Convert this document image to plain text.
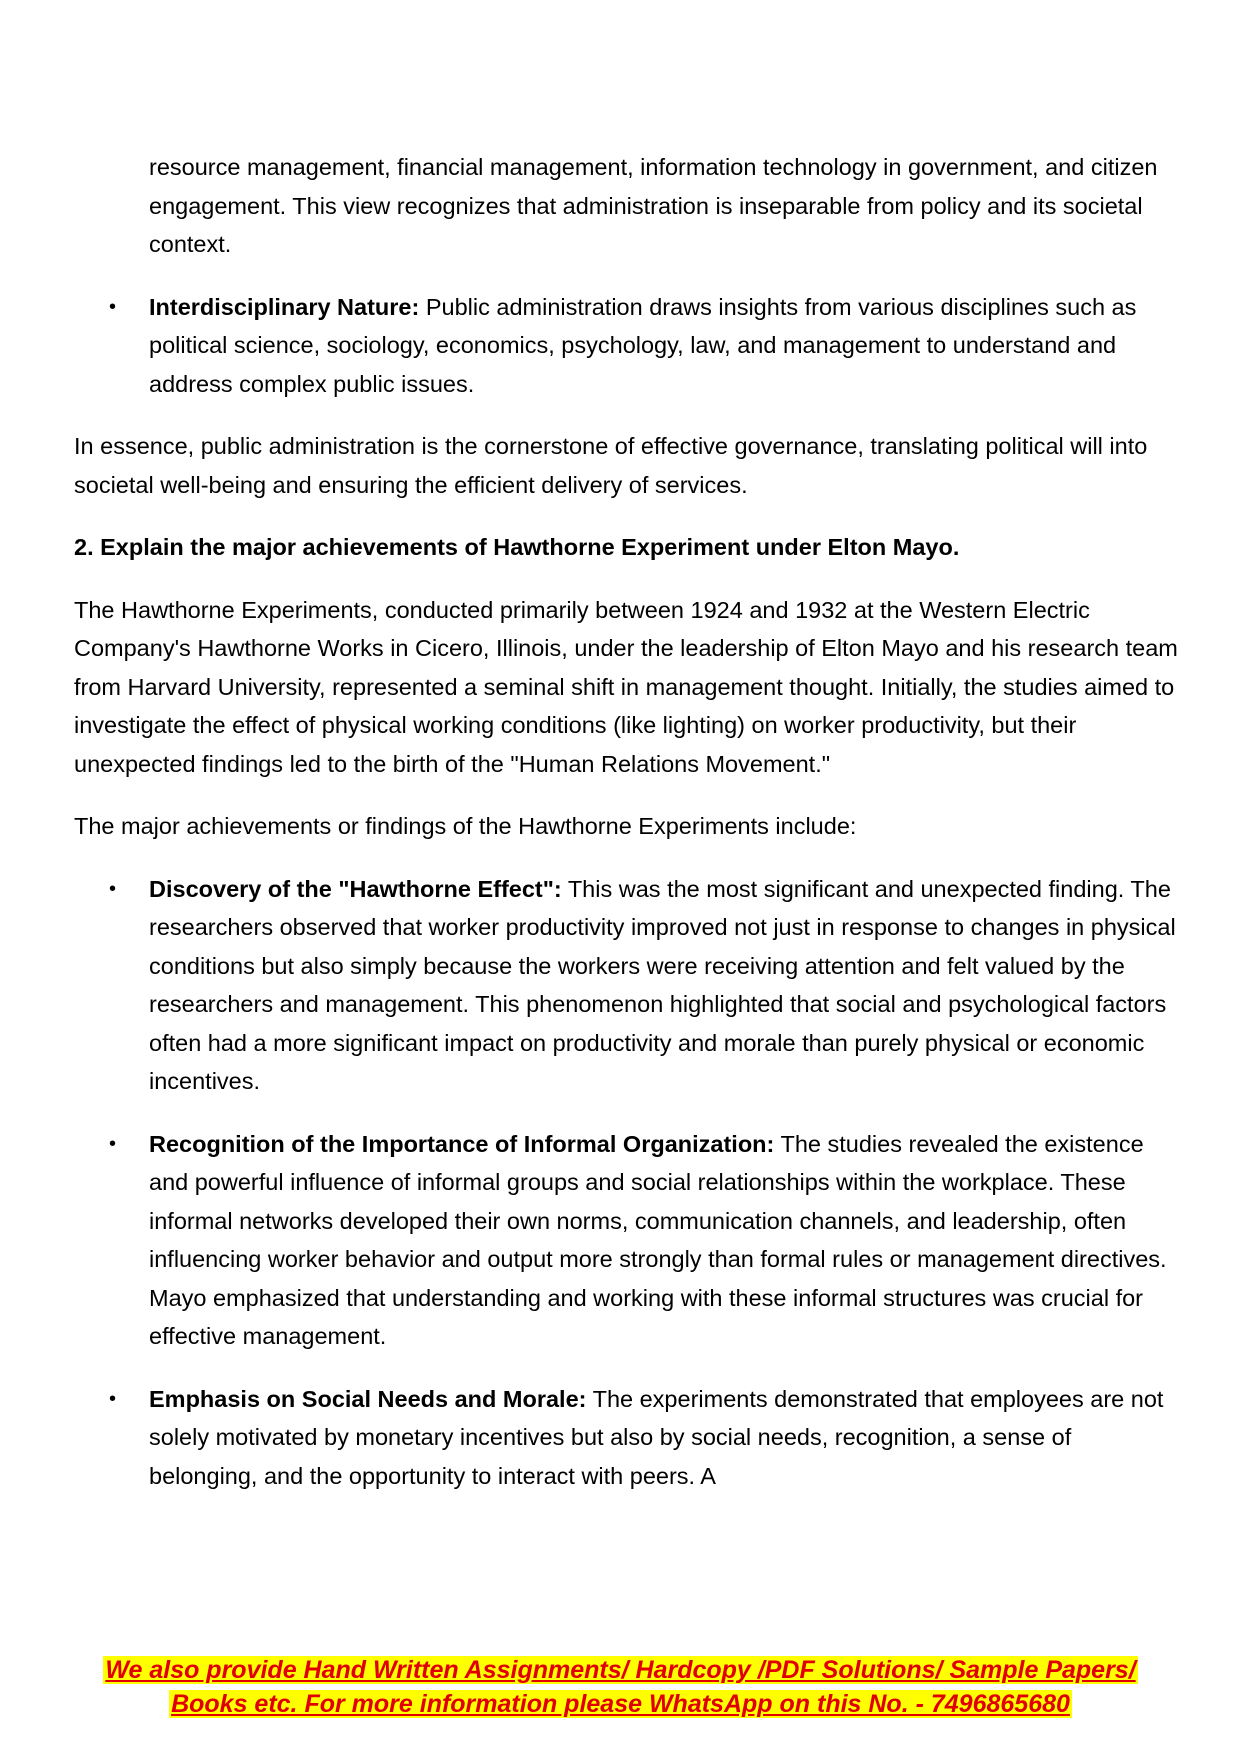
resource management, financial management, information technology in government, and citizen engagement. This view recognizes that administration is inseparable from policy and its societal context.

•	Interdisciplinary Nature: Public administration draws insights from various disciplines such as political science, sociology, economics, psychology, law, and management to understand and address complex public issues.

In essence, public administration is the cornerstone of effective governance, translating political will into societal well-being and ensuring the efficient delivery of services.

2. Explain the major achievements of Hawthorne Experiment under Elton Mayo.

The Hawthorne Experiments, conducted primarily between 1924 and 1932 at the Western Electric Company's Hawthorne Works in Cicero, Illinois, under the leadership of Elton Mayo and his research team from Harvard University, represented a seminal shift in management thought. Initially, the studies aimed to investigate the effect of physical working conditions (like lighting) on worker productivity, but their unexpected findings led to the birth of the "Human Relations Movement."

The major achievements or findings of the Hawthorne Experiments include:

•	Discovery of the "Hawthorne Effect": This was the most significant and unexpected finding. The researchers observed that worker productivity improved not just in response to changes in physical conditions but also simply because the workers were receiving attention and felt valued by the researchers and management. This phenomenon highlighted that social and psychological factors often had a more significant impact on productivity and morale than purely physical or economic incentives.
•	Recognition of the Importance of Informal Organization: The studies revealed the existence and powerful influence of informal groups and social relationships within the workplace. These informal networks developed their own norms, communication channels, and leadership, often influencing worker behavior and output more strongly than formal rules or management directives. Mayo emphasized that understanding and working with these informal structures was crucial for effective management.
•	Emphasis on Social Needs and Morale: The experiments demonstrated that employees are not solely motivated by monetary incentives but also by social needs, recognition, a sense of belonging, and the opportunity to interact with peers. A
We also provide Hand Written Assignments/ Hardcopy /PDF Solutions/ Sample Papers/
Books etc. For more information please WhatsApp on this No. - 7496865680
